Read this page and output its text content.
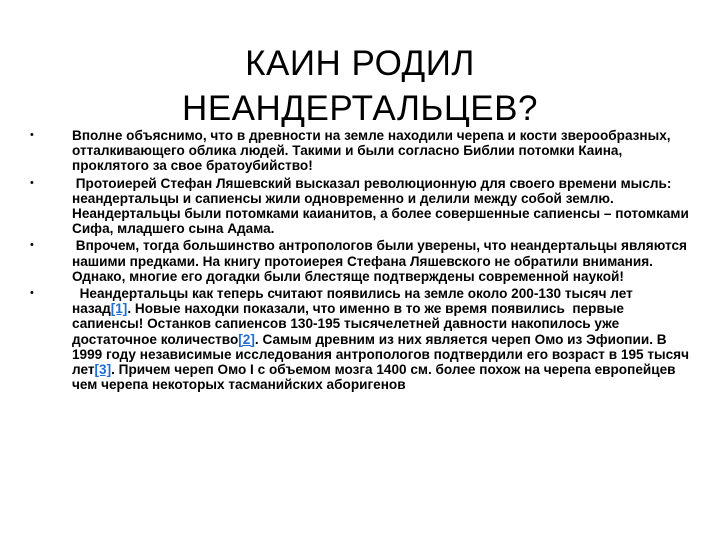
КАИН РОДИЛ
НЕАНДЕРТАЛЬЦЕВ?
•	Вполне объяснимо, что в древности на земле находили черепа и кости зверообразных, отталкивающего облика людей. Такими и были согласно Библии потомки Каина, проклятого за свое братоубийство!
•	Протоиерей Стефан Ляшевский высказал революционную для своего времени мысль: неандертальцы и сапиенсы жили одновременно и делили между собой землю. Неандертальцы были потомками каианитов, а более совершенные сапиенсы – потомками Сифа, младшего сына Адама.
•	Впрочем, тогда большинство антропологов были уверены, что неандертальцы являются нашими предками. На книгу протоиерея Стефана Ляшевского не обратили внимания. Однако, многие его догадки были блестяще подтверждены современной наукой!
•	Неандертальцы как теперь считают появились на земле около 200-130 тысяч лет назад[1]. Новые находки показали, что именно в то же время появились  первые сапиенсы! Останков сапиенсов 130-195 тысячелетней давности накопилось уже достаточное количество[2]. Самым древним из них является череп Омо из Эфиопии. В 1999 году независимые исследования антропологов подтвердили его возраст в 195 тысяч лет[3]. Причем череп Омо I с объемом мозга 1400 см. более похож на черепа европейцев чем черепа некоторых тасманийских аборигенов
